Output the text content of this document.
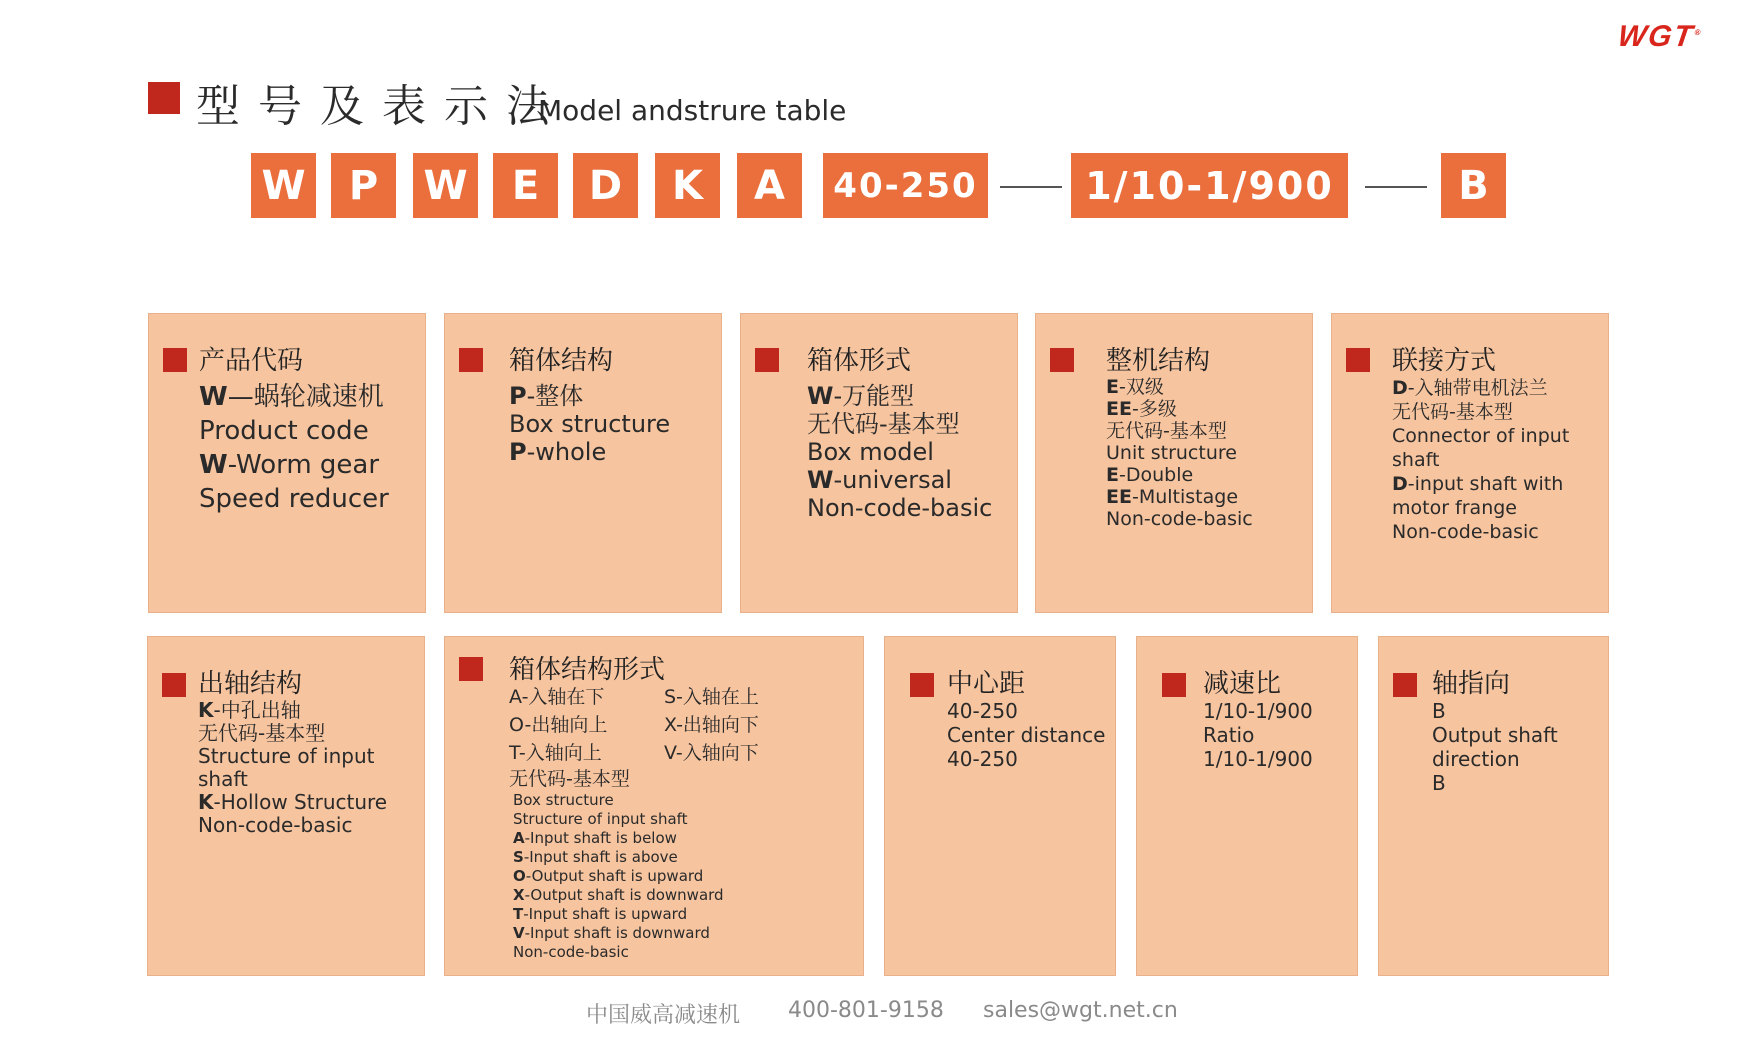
WGT®
型号及表示法
Model andstrure table
W	P	W	E	D	K	A	40-250	1/10-1/900	B
产品代码
W—蜗轮减速机
Product code
W-Worm gear
Speed reducer
箱体结构
P-整体
Box structure
P-whole
箱体形式
W-万能型
无代码-基本型
Box model
W-universal
Non-code-basic
整机结构
E-双级
EE-多级
无代码-基本型
Unit structure
E-Double
EE-Multistage
Non-code-basic
联接方式
D-入轴带电机法兰
无代码-基本型
Connector of input
shaft
D-input shaft with
motor frange
Non-code-basic
出轴结构
K-中孔出轴
无代码-基本型
Structure of input
shaft
K-Hollow Structure
Non-code-basic
箱体结构形式
A-入轴在下	S-入轴在上
O-出轴向上	X-出轴向下
T-入轴向上	V-入轴向下
无代码-基本型
Box structure
Structure of input shaft
A-Input shaft is below
S-Input shaft is above
O-Output shaft is upward
X-Output shaft is downward
T-Input shaft is upward
V-Input shaft is downward
Non-code-basic
中心距
40-250
Center distance
40-250
减速比
1/10-1/900
Ratio
1/10-1/900
轴指向
B
Output shaft
direction
B
中国威高减速机 400-801-9158 sales@wgt.net.cn
